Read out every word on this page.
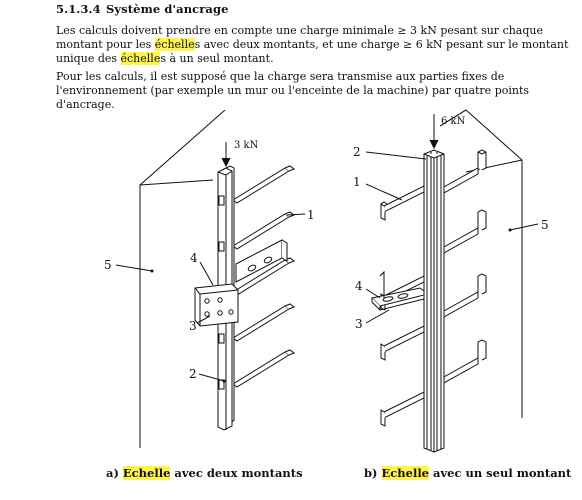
5.1.3.4 Système d'ancrage
Les calculs doivent prendre en compte une charge minimale ≥ 3 kN pesant sur chaque montant pour les échelles avec deux montants, et une charge ≥ 6 kN pesant sur le montant unique des échelles à un seul montant.
Pour les calculs, il est supposé que la charge sera transmise aux parties fixes de l'environnement (par exemple un mur ou l'enceinte de la machine) par quatre points d'ancrage.
3 kN
5	4
3
2
1
6 kN
2
1
4
3
5
a) Echelle avec deux montants	b) Echelle avec un seul montant
